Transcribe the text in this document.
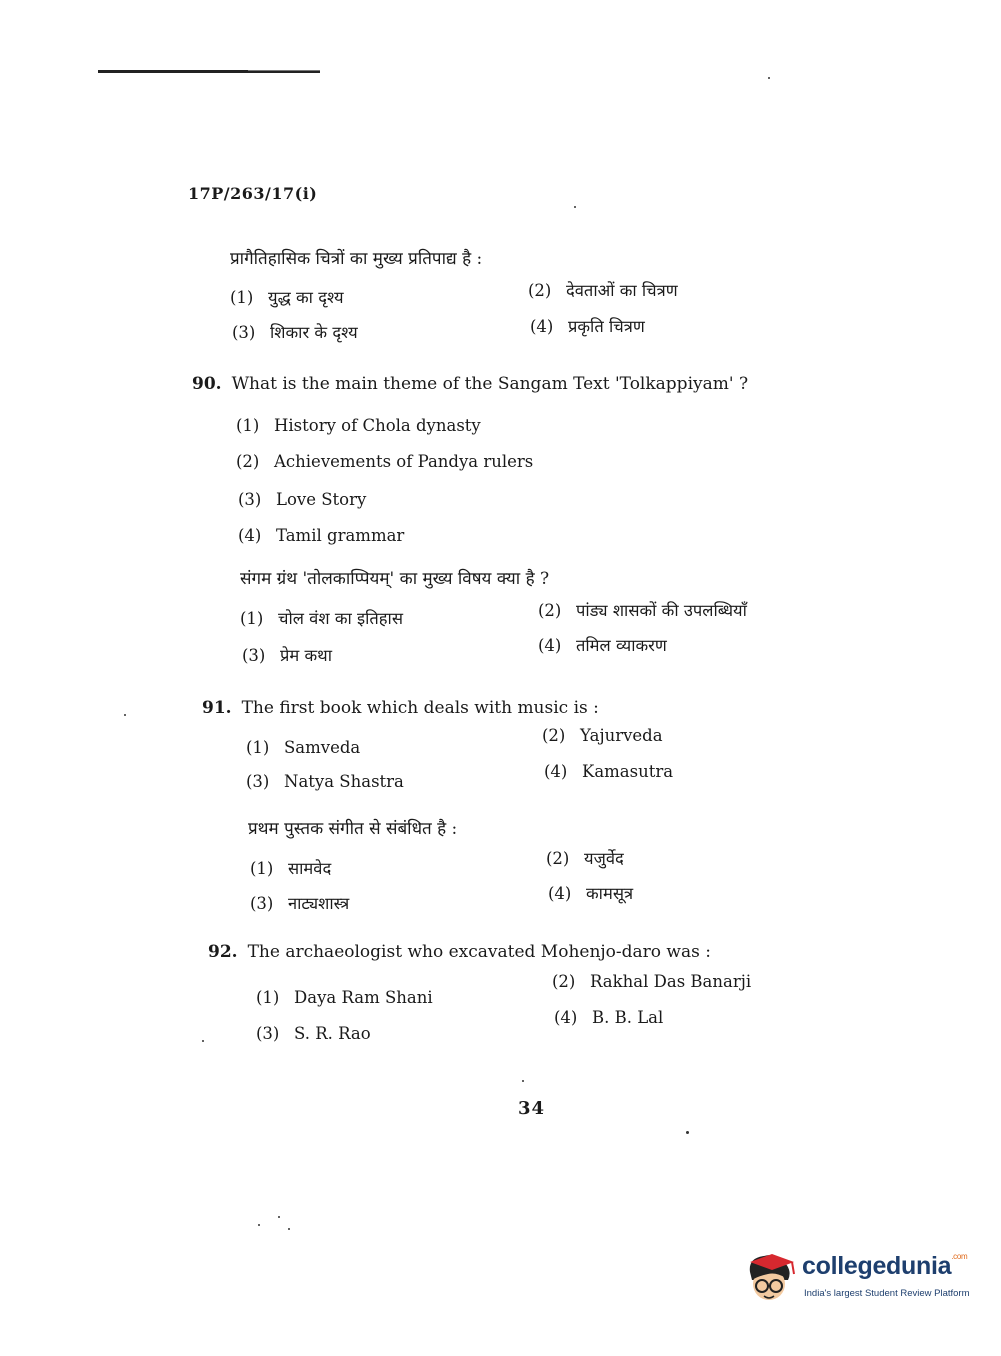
17P/263/17(i)
प्रागैतिहासिक चित्रों का मुख्य प्रतिपाद्य है :
(1) युद्ध का दृश्य	(2) देवताओं का चित्रण
(3) शिकार के दृश्य	(4) प्रकृति चित्रण
90. What is the main theme of the Sangam Text 'Tolkappiyam' ?
(1) History of Chola dynasty
(2) Achievements of Pandya rulers
(3) Love Story
(4) Tamil grammar
संगम ग्रंथ 'तोलकाप्पियम्' का मुख्य विषय क्या है ?
(1) चोल वंश का इतिहास	(2) पांड्य शासकों की उपलब्धियाँ
(3) प्रेम कथा
(4) तमिल व्याकरण
91. The first book which deals with music is :
(1) Samveda
(2) Yajurveda
(3) Natya Shastra
(4) Kamasutra
प्रथम पुस्तक संगीत से संबंधित है :
(1) सामवेद
(2) यजुर्वेद
(3) नाट्यशास्त्र
(4) कामसूत्र
92. The archaeologist who excavated Mohenjo-daro was :
(1) Daya Ram Shani
(2) Rakhal Das Banarji
(3) S. R. Rao
(4) B. B. Lal
34
collegedunia$^{.com}$
India's largest Student Review Platform
